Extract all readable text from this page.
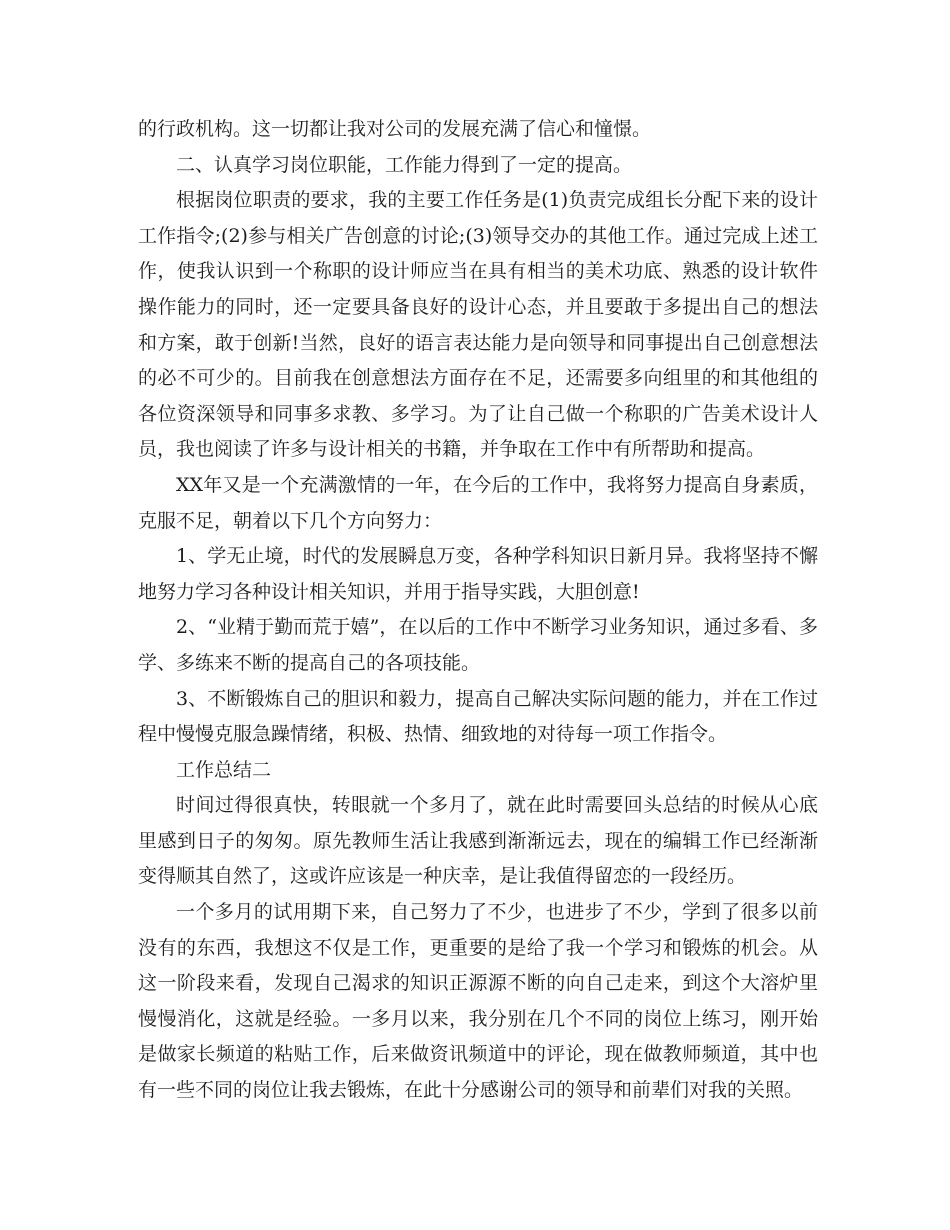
的行政机构。这一切都让我对公司的发展充满了信心和憧憬。

二、认真学习岗位职能，工作能力得到了一定的提高。

根据岗位职责的要求，我的主要工作任务是(1)负责完成组长分配下来的设计工作指令;(2)参与相关广告创意的讨论;(3)领导交办的其他工作。通过完成上述工作，使我认识到一个称职的设计师应当在具有相当的美术功底、熟悉的设计软件操作能力的同时，还一定要具备良好的设计心态，并且要敢于多提出自己的想法和方案，敢于创新!当然，良好的语言表达能力是向领导和同事提出自己创意想法的必不可少的。目前我在创意想法方面存在不足，还需要多向组里的和其他组的各位资深领导和同事多求教、多学习。为了让自己做一个称职的广告美术设计人员，我也阅读了许多与设计相关的书籍，并争取在工作中有所帮助和提高。

XX年又是一个充满激情的一年，在今后的工作中，我将努力提高自身素质，克服不足，朝着以下几个方向努力：

1、学无止境，时代的发展瞬息万变，各种学科知识日新月异。我将坚持不懈地努力学习各种设计相关知识，并用于指导实践，大胆创意!

2、“业精于勤而荒于嬉”，在以后的工作中不断学习业务知识，通过多看、多学、多练来不断的提高自己的各项技能。

3、不断锻炼自己的胆识和毅力，提高自己解决实际问题的能力，并在工作过程中慢慢克服急躁情绪，积极、热情、细致地的对待每一项工作指令。

工作总结二

时间过得很真快，转眼就一个多月了，就在此时需要回头总结的时候从心底里感到日子的匆匆。原先教师生活让我感到渐渐远去，现在的编辑工作已经渐渐变得顺其自然了，这或许应该是一种庆幸，是让我值得留恋的一段经历。

一个多月的试用期下来，自己努力了不少，也进步了不少，学到了很多以前没有的东西，我想这不仅是工作，更重要的是给了我一个学习和锻炼的机会。从这一阶段来看，发现自己渴求的知识正源源不断的向自己走来，到这个大溶炉里慢慢消化，这就是经验。一多月以来，我分别在几个不同的岗位上练习，刚开始是做家长频道的粘贴工作，后来做资讯频道中的评论，现在做教师频道，其中也有一些不同的岗位让我去锻炼，在此十分感谢公司的领导和前辈们对我的关照。
